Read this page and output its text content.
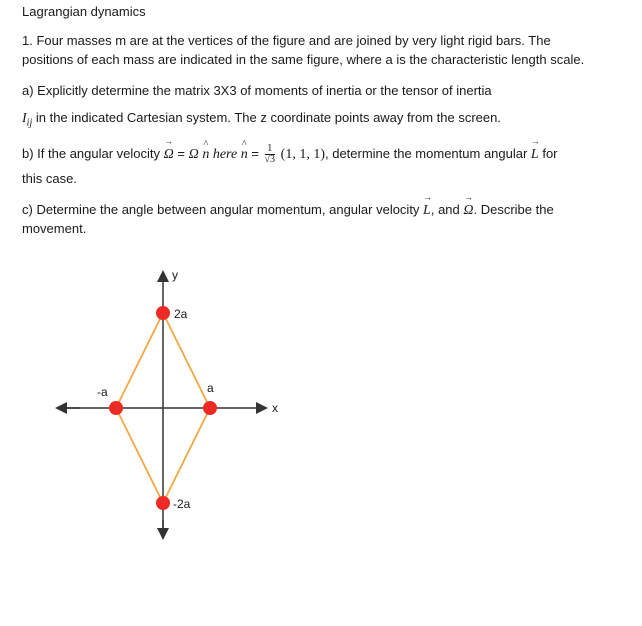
Lagrangian dynamics
1. Four masses m are at the vertices of the figure and are joined by very light rigid bars. The
positions of each mass are indicated in the same figure, where a is the characteristic length scale.
a) Explicitly determine the matrix 3X3 of moments of inertia or the tensor of inertia
$I_{ij}$ in the indicated Cartesian system. The z coordinate points away from the screen.
b) If the angular velocity → Ω = Ω ^ n here ^ $n = \frac{1}{√3} (1$, 1, 1), determine the momentum angular → L for
this case.
c) Determine the angle between angular momentum, angular velocity → L, and → Ω. Describe the
movement.
y
x
2a
-2a
-a	a
